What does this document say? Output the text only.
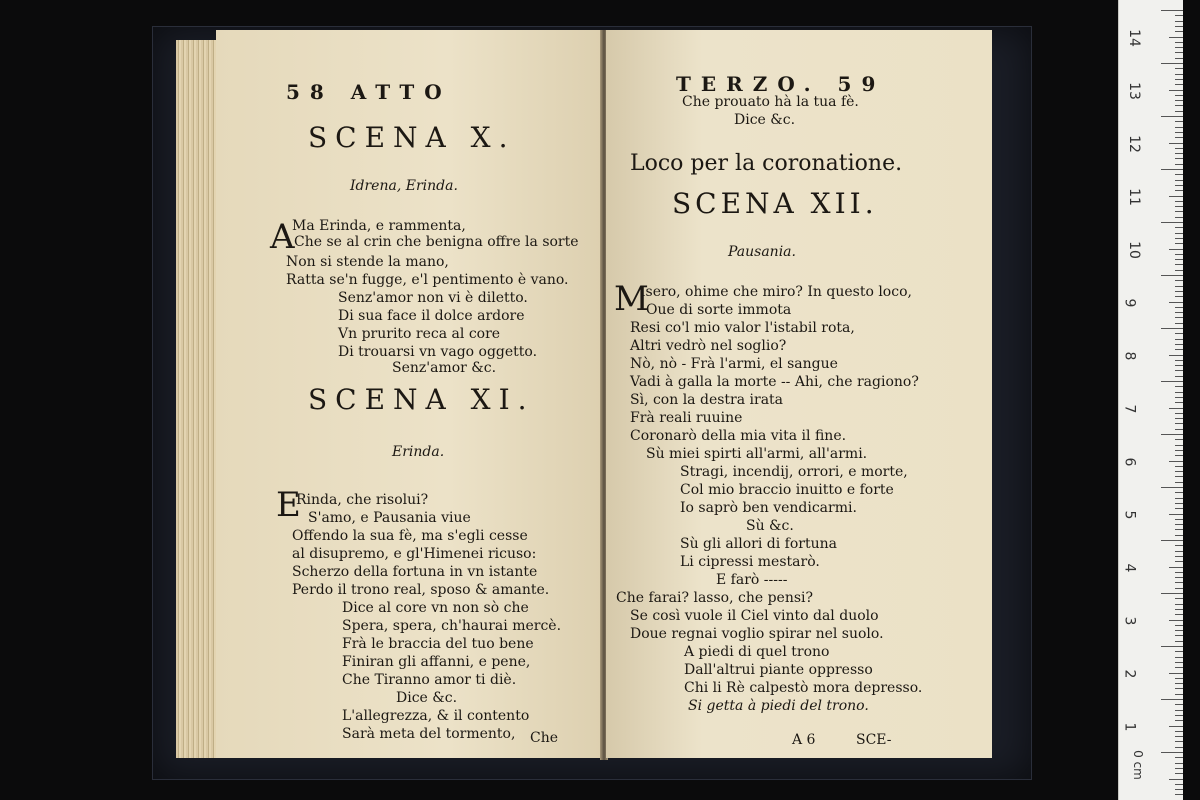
58 ATTO
SCENA X.
Idrena, Erinda.
A
Ma Erinda, e rammenta,
Che se al crin che benigna offre la sorte
Non si stende la mano,
Ratta se'n fugge, e'l pentimento è vano.
Senz'amor non vi è diletto.
Di sua face il dolce ardore
Vn prurito reca al core
Di trouarsi vn vago oggetto.
Senz'amor &c.
SCENA XI.
Erinda.
E
Rinda, che risolui?
S'amo, e Pausania viue
Offendo la sua fè, ma s'egli cesse
al disupremo, e gl'Himenei ricuso:
Scherzo della fortuna in vn istante
Perdo il trono real, sposo & amante.
Dice al core vn non sò che
Spera, spera, ch'haurai mercè.
Frà le braccia del tuo bene
Finiran gli affanni, e pene,
Che Tiranno amor ti diè.
Dice &c.
L'allegrezza, & il contento
Sarà meta del tormento, Che
TERZO. 59
Che prouato hà la tua fè.
Dice &c.
Loco per la coronatione.
SCENA XII.
Pausania.
M
Isero, ohime che miro? In questo loco,
Oue di sorte immota
Resi co'l mio valor l'istabil rota,
Altri vedrò nel soglio?
Nò, nò - Frà l'armi, el sangue
Vadi à galla la morte -- Ahi, che ragiono?
Sì, con la destra irata
Frà reali ruuine
Coronarò della mia vita il fine.
Sù miei spirti all'armi, all'armi.
Stragi, incendij, orrori, e morte,
Col mio braccio inuitto e forte
Io saprò ben vendicarmi.
Sù &c.
Sù gli allori di fortuna
Li cipressi mestarò.
E farò -----
Che farai? lasso, che pensi?
Se così vuole il Ciel vinto dal duolo
Doue regnai voglio spirar nel suolo.
A piedi di quel trono
Dall'altrui piante oppresso
Chi li Rè calpestò mora depresso.
Si getta à piedi del trono.
A 6	SCE-
14
13
12
11
10
9
8
7
6
5
4
3
2
1
0 cm
